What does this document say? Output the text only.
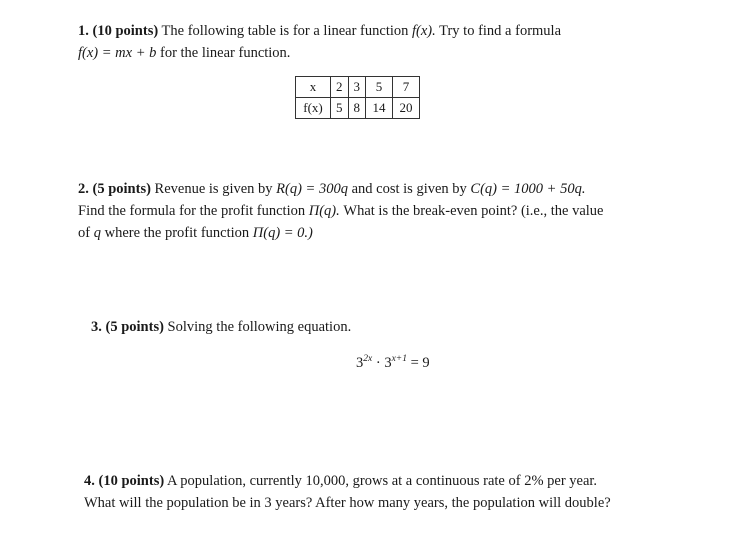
1. (10 points) The following table is for a linear function f(x). Try to find a formula
f(x) = mx + b for the linear function.
x	2	3	5	7
f(x)	5	8	14	20
2. (5 points) Revenue is given by R(q) = 300q and cost is given by C(q) = 1000 + 50q.
Find the formula for the profit function Π(q). What is the break-even point? (i.e., the value
of q where the profit function Π(q) = 0.)
3. (5 points) Solving the following equation.
$3^{2x} \cdot 3^{x+1} = 9$
4. (10 points) A population, currently 10,000, grows at a continuous rate of 2% per year.
What will the population be in 3 years? After how many years, the population will double?
